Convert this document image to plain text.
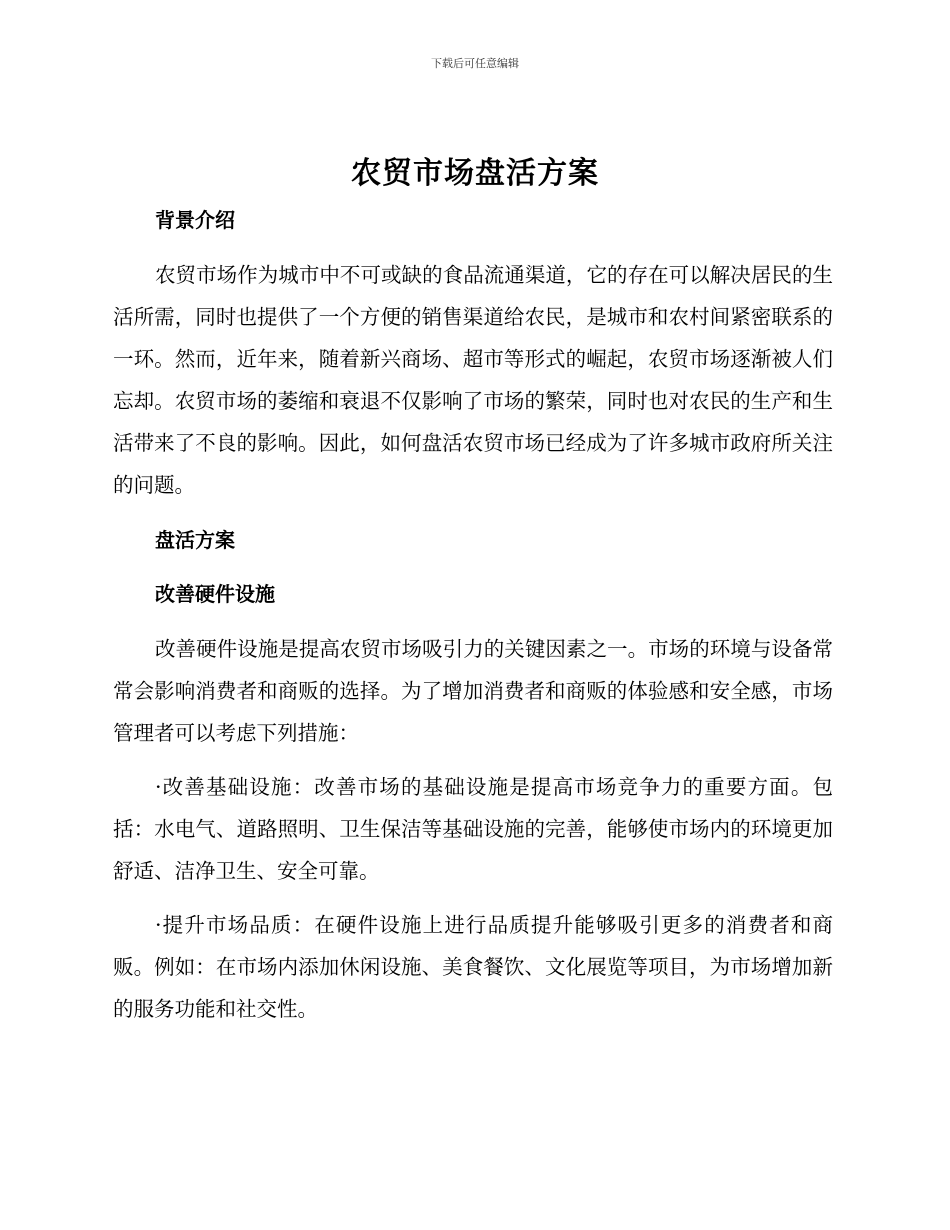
下载后可任意编辑
农贸市场盘活方案
背景介绍

农贸市场作为城市中不可或缺的食品流通渠道，它的存在可以解决居民的生活所需，同时也提供了一个方便的销售渠道给农民，是城市和农村间紧密联系的一环。然而，近年来，随着新兴商场、超市等形式的崛起，农贸市场逐渐被人们忘却。农贸市场的萎缩和衰退不仅影响了市场的繁荣，同时也对农民的生产和生活带来了不良的影响。因此，如何盘活农贸市场已经成为了许多城市政府所关注的问题。

盘活方案
改善硬件设施

改善硬件设施是提高农贸市场吸引力的关键因素之一。市场的环境与设备常常会影响消费者和商贩的选择。为了增加消费者和商贩的体验感和安全感，市场管理者可以考虑下列措施：

·改善基础设施：改善市场的基础设施是提高市场竞争力的重要方面。包括：水电气、道路照明、卫生保洁等基础设施的完善，能够使市场内的环境更加舒适、洁净卫生、安全可靠。

·提升市场品质：在硬件设施上进行品质提升能够吸引更多的消费者和商贩。例如：在市场内添加休闲设施、美食餐饮、文化展览等项目，为市场增加新的服务功能和社交性。
